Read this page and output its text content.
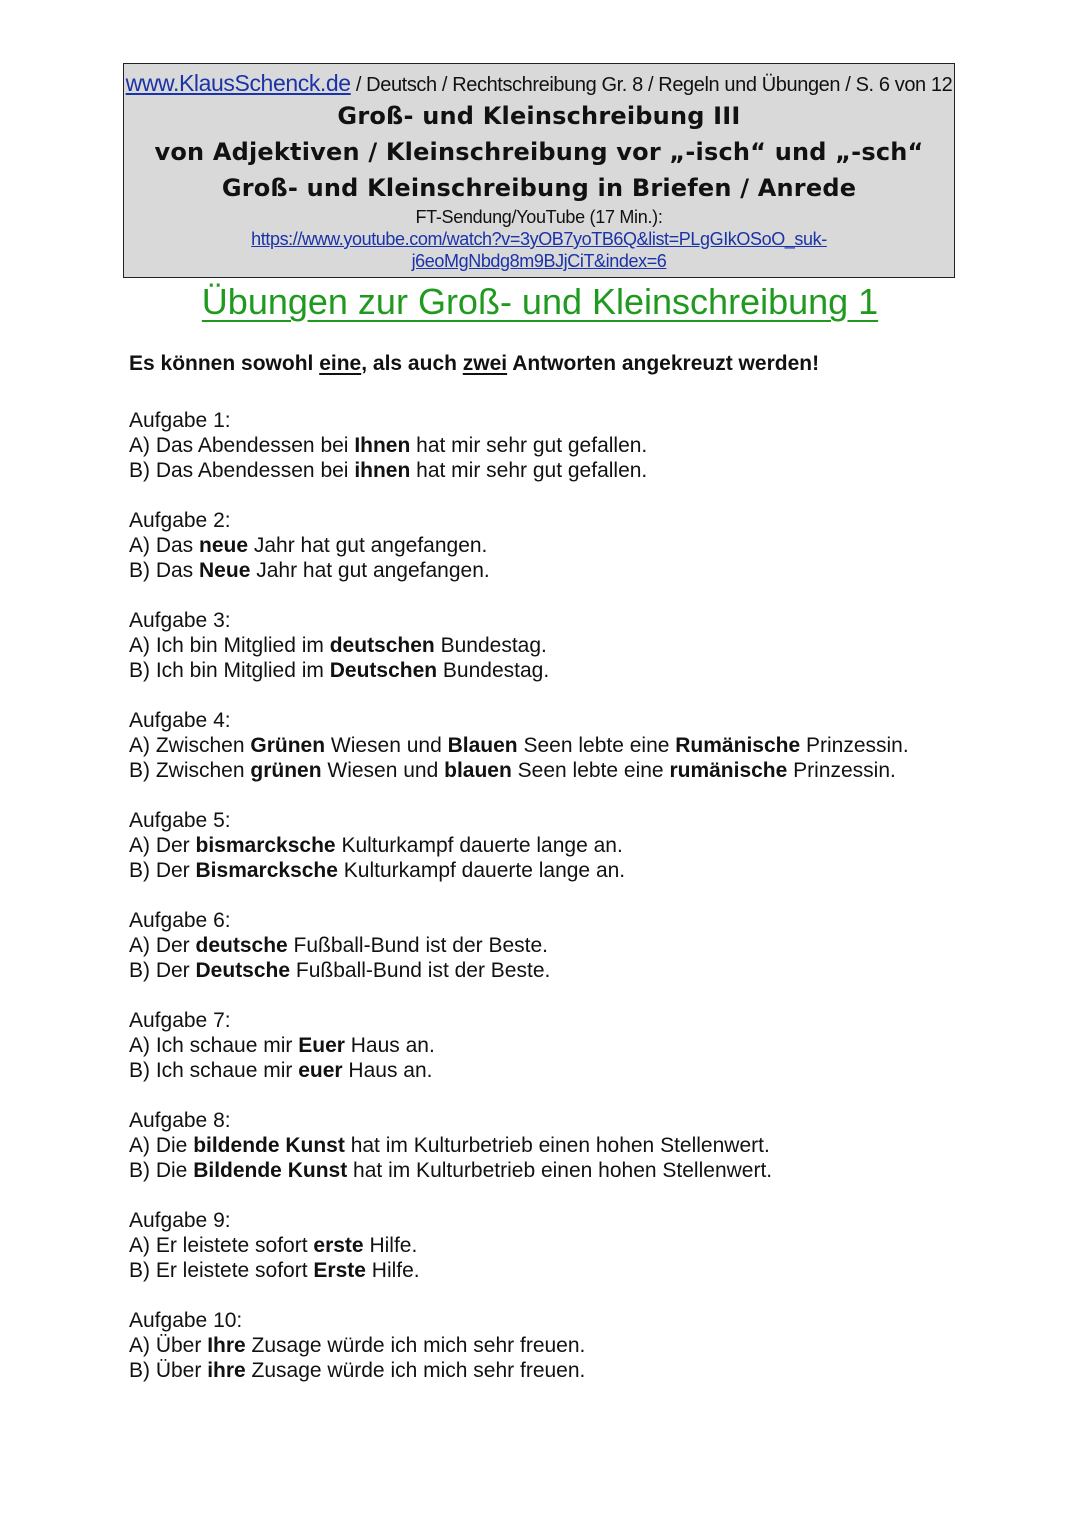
www.KlausSchenck.de / Deutsch / Rechtschreibung Gr. 8 / Regeln und Übungen / S. 6 von 12
Groß- und Kleinschreibung III
von Adjektiven / Kleinschreibung vor „-isch“ und „-sch“
Groß- und Kleinschreibung in Briefen / Anrede
FT-Sendung/YouTube (17 Min.):
https://www.youtube.com/watch?v=3yOB7yoTB6Q&list=PLgGIkOSoO_suk-
j6eoMgNbdg8m9BJjCiT&index=6
Übungen zur Groß- und Kleinschreibung 1
Es können sowohl eine, als auch zwei Antworten angekreuzt werden!
Aufgabe 1:
A) Das Abendessen bei Ihnen hat mir sehr gut gefallen.
B) Das Abendessen bei ihnen hat mir sehr gut gefallen.
Aufgabe 2:
A) Das neue Jahr hat gut angefangen.
B) Das Neue Jahr hat gut angefangen.
Aufgabe 3:
A) Ich bin Mitglied im deutschen Bundestag.
B) Ich bin Mitglied im Deutschen Bundestag.
Aufgabe 4:
A) Zwischen Grünen Wiesen und Blauen Seen lebte eine Rumänische Prinzessin.
B) Zwischen grünen Wiesen und blauen Seen lebte eine rumänische Prinzessin.
Aufgabe 5:
A) Der bismarcksche Kulturkampf dauerte lange an.
B) Der Bismarcksche Kulturkampf dauerte lange an.
Aufgabe 6:
A) Der deutsche Fußball-Bund ist der Beste.
B) Der Deutsche Fußball-Bund ist der Beste.
Aufgabe 7:
A) Ich schaue mir Euer Haus an.
B) Ich schaue mir euer Haus an.
Aufgabe 8:
A) Die bildende Kunst hat im Kulturbetrieb einen hohen Stellenwert.
B) Die Bildende Kunst hat im Kulturbetrieb einen hohen Stellenwert.
Aufgabe 9:
A) Er leistete sofort erste Hilfe.
B) Er leistete sofort Erste Hilfe.
Aufgabe 10:
A) Über Ihre Zusage würde ich mich sehr freuen.
B) Über ihre Zusage würde ich mich sehr freuen.
